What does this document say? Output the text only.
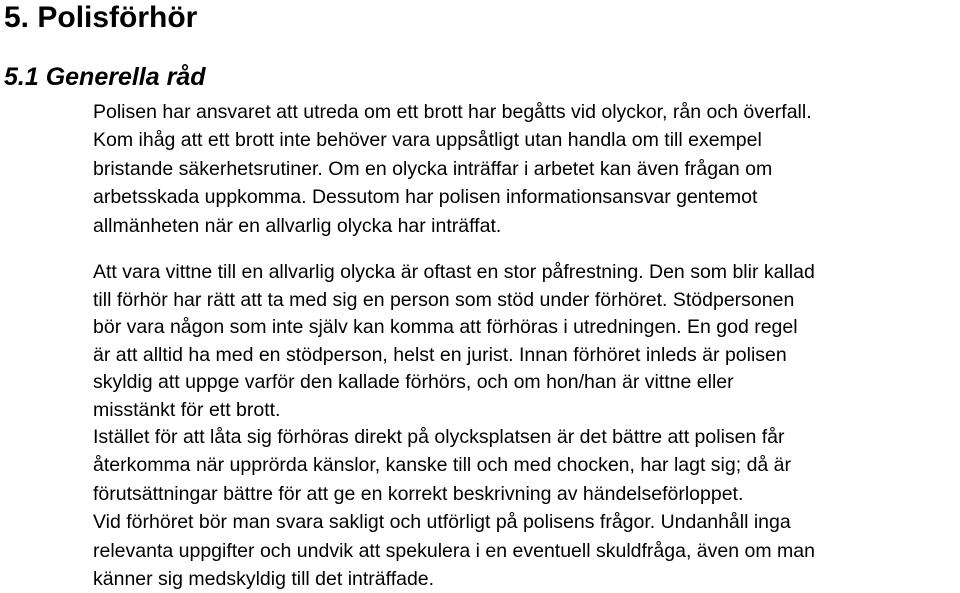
5. Polisförhör
5.1 Generella råd

Polisen har ansvaret att utreda om ett brott har begåtts vid olyckor, rån och överfall.
Kom ihåg att ett brott inte behöver vara uppsåtligt utan handla om till exempel
bristande säkerhetsrutiner. Om en olycka inträffar i arbetet kan även frågan om
arbetsskada uppkomma. Dessutom har polisen informationsansvar gentemot
allmänheten när en allvarlig olycka har inträffat.

Att vara vittne till en allvarlig olycka är oftast en stor påfrestning. Den som blir kallad
till förhör har rätt att ta med sig en person som stöd under förhöret. Stödpersonen
bör vara någon som inte själv kan komma att förhöras i utredningen. En god regel
är att alltid ha med en stödperson, helst en jurist. Innan förhöret inleds är polisen
skyldig att uppge varför den kallade förhörs, och om hon/han är vittne eller
misstänkt för ett brott.

Istället för att låta sig förhöras direkt på olycksplatsen är det bättre att polisen får
återkomma när upprörda känslor, kanske till och med chocken, har lagt sig; då är
förutsättningar bättre för att ge en korrekt beskrivning av händelseförloppet.
Vid förhöret bör man svara sakligt och utförligt på polisens frågor. Undanhåll inga
relevanta uppgifter och undvik att spekulera i en eventuell skuldfråga, även om man
känner sig medskyldig till det inträffade.
